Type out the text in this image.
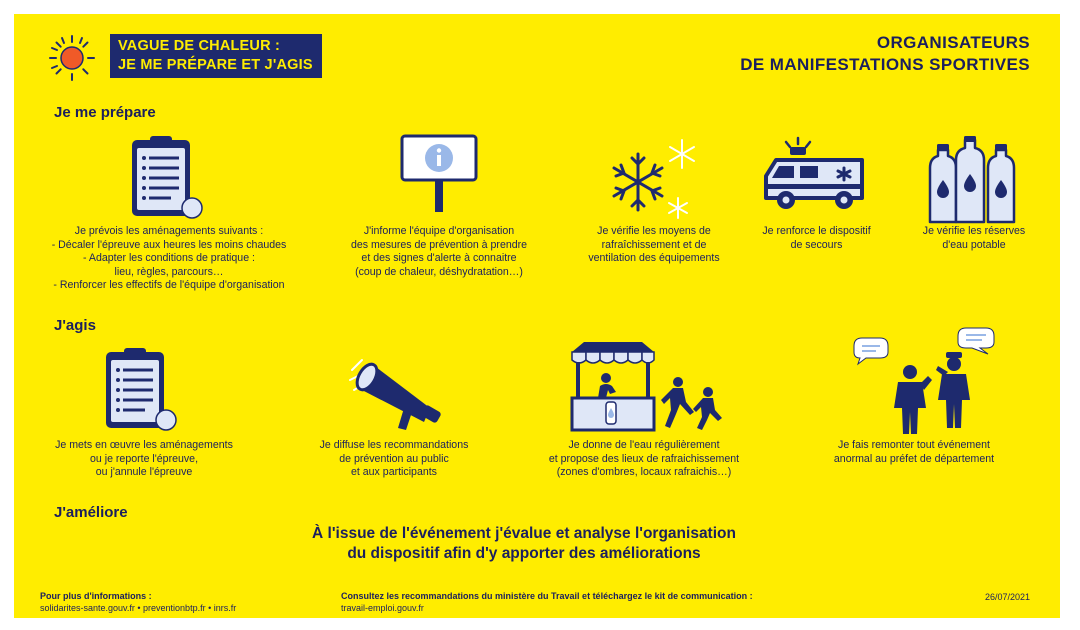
VAGUE DE CHALEUR :
JE ME PRÉPARE ET J'AGIS
ORGANISATEURS
DE MANIFESTATIONS SPORTIVES
Je me prépare
Je prévois les aménagements suivants :
- Décaler l'épreuve aux heures les moins chaudes
- Adapter les conditions de pratique :
lieu, règles, parcours…
- Renforcer les effectifs de l'équipe d'organisation
J'informe l'équipe d'organisation
des mesures de prévention à prendre
et des signes d'alerte à connaitre
(coup de chaleur, déshydratation…)
Je vérifie les moyens de
rafraîchissement et de
ventilation des équipements
Je renforce le dispositif
de secours
Je vérifie les réserves
d'eau potable
J'agis
Je mets en œuvre les aménagements
ou je reporte l'épreuve,
ou j'annule l'épreuve
Je diffuse les recommandations
de prévention au public
et aux participants
Je donne de l'eau régulièrement
et propose des lieux de rafraichissement
(zones d'ombres, locaux rafraichis…)
Je fais remonter tout événement
anormal au préfet de département
J'améliore
À l'issue de l'événement j'évalue et analyse l'organisation
du dispositif afin d'y apporter des améliorations
Pour plus d'informations :
solidarites-sante.gouv.fr • preventionbtp.fr • inrs.fr
Consultez les recommandations du ministère du Travail et téléchargez le kit de communication :
travail-emploi.gouv.fr
26/07/2021
